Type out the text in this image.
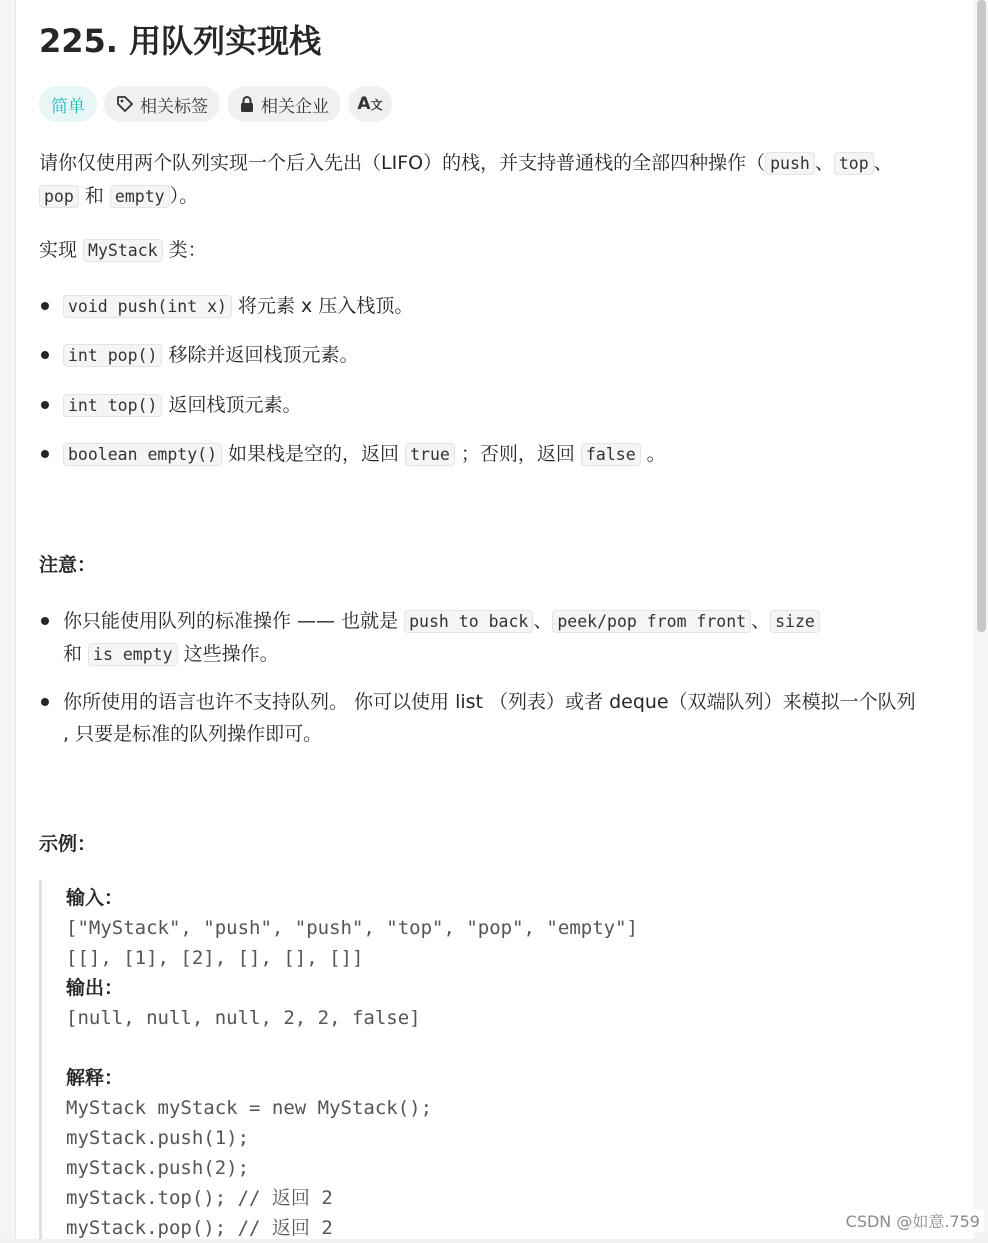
225. 用队列实现栈
简单	相关标签	相关企业 A文
请你仅使用两个队列实现一个后入先出（LIFO）的栈，并支持普通栈的全部四种操作（ push 、 top 、pop 和 empty ）。
实现 MyStack 类：
void push(int x) 将元素 x 压入栈顶。
int pop() 移除并返回栈顶元素。
int top() 返回栈顶元素。
boolean empty() 如果栈是空的，返回 true ；否则，返回 false 。
注意：
你只能使用队列的标准操作 —— 也就是 push to back 、 peek/pop from front 、 size
和 is empty 这些操作。
你所使用的语言也许不支持队列。 你可以使用 list （列表）或者 deque（双端队列）来模拟一个队列 , 只要是标准的队列操作即可。
示例：
输入：
["MyStack", "push", "push", "top", "pop", "empty"]
[[], [1], [2], [], [], []]
输出：
[null, null, null, 2, 2, false]
解释：
MyStack myStack = new MyStack();
myStack.push(1);
myStack.push(2);
myStack.top(); // 返回 2
myStack.pop(); // 返回 2	CSDN @如意.759
